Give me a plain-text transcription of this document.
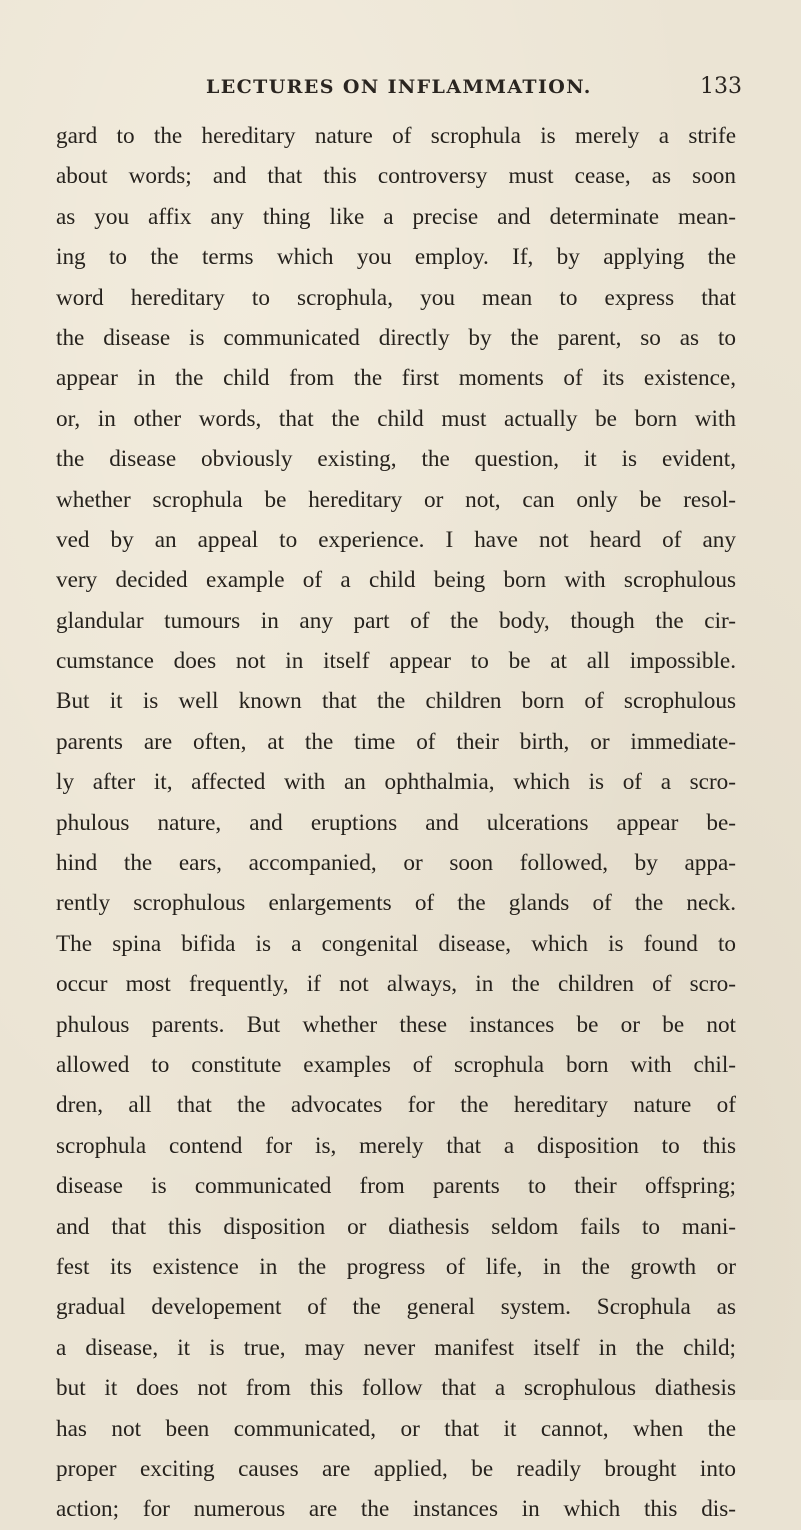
LECTURES ON INFLAMMATION.	133
gard to the hereditary nature of scrophula is merely a strife
about words; and that this controversy must cease, as soon
as you affix any thing like a precise and determinate mean-
ing to the terms which you employ. If, by applying the
word hereditary to scrophula, you mean to express that
the disease is communicated directly by the parent, so as to
appear in the child from the first moments of its existence,
or, in other words, that the child must actually be born with
the disease obviously existing, the question, it is evident,
whether scrophula be hereditary or not, can only be resol-
ved by an appeal to experience. I have not heard of any
very decided example of a child being born with scrophulous
glandular tumours in any part of the body, though the cir-
cumstance does not in itself appear to be at all impossible.
But it is well known that the children born of scrophulous
parents are often, at the time of their birth, or immediate-
ly after it, affected with an ophthalmia, which is of a scro-
phulous nature, and eruptions and ulcerations appear be-
hind the ears, accompanied, or soon followed, by appa-
rently scrophulous enlargements of the glands of the neck.
The spina bifida is a congenital disease, which is found to
occur most frequently, if not always, in the children of scro-
phulous parents. But whether these instances be or be not
allowed to constitute examples of scrophula born with chil-
dren, all that the advocates for the hereditary nature of
scrophula contend for is, merely that a disposition to this
disease is communicated from parents to their offspring;
and that this disposition or diathesis seldom fails to mani-
fest its existence in the progress of life, in the growth or
gradual developement of the general system. Scrophula as
a disease, it is true, may never manifest itself in the child;
but it does not from this follow that a scrophulous diathesis
has not been communicated, or that it cannot, when the
proper exciting causes are applied, be readily brought into
action; for numerous are the instances in which this dis-
